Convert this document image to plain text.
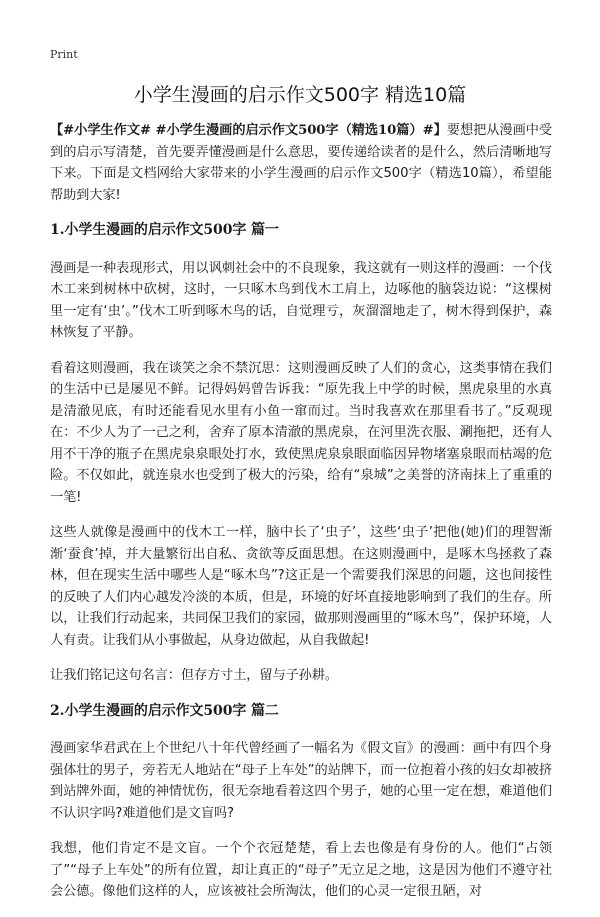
Print
小学生漫画的启示作文500字 精选10篇

【#小学生作文# #小学生漫画的启示作文500字（精选10篇）#】要想把从漫画中受到的启示写清楚，首先要弄懂漫画是什么意思，要传递给读者的是什么，然后清晰地写下来。下面是文档网给大家带来的小学生漫画的启示作文500字（精选10篇），希望能帮助到大家!

1.小学生漫画的启示作文500字 篇一

漫画是一种表现形式，用以讽刺社会中的不良现象，我这就有一则这样的漫画：一个伐木工来到树林中砍树，这时，一只啄木鸟到伐木工肩上，边啄他的脑袋边说：“这棵树里一定有‘虫’。”伐木工听到啄木鸟的话，自觉理亏，灰溜溜地走了，树木得到保护，森林恢复了平静。

看着这则漫画，我在谈笑之余不禁沉思：这则漫画反映了人们的贪心，这类事情在我们的生活中已是屡见不鲜。记得妈妈曾告诉我：“原先我上中学的时候，黑虎泉里的水真是清澈见底，有时还能看见水里有小鱼一窜而过。当时我喜欢在那里看书了。”反观现在：不少人为了一己之利，舍弃了原本清澈的黑虎泉，在河里洗衣服、涮拖把，还有人用不干净的瓶子在黑虎泉泉眼处打水，致使黑虎泉泉眼面临因异物堵塞泉眼而枯竭的危险。不仅如此，就连泉水也受到了极大的污染，给有“泉城”之美誉的济南抹上了重重的一笔!

这些人就像是漫画中的伐木工一样，脑中长了‘虫子’，这些‘虫子’把他(她)们的理智渐渐‘蚕食’掉，并大量繁衍出自私、贪欲等反面思想。在这则漫画中，是啄木鸟拯救了森林，但在现实生活中哪些人是“啄木鸟”?这正是一个需要我们深思的问题，这也间接性的反映了人们内心越发冷淡的本质，但是，环境的好坏直接地影响到了我们的生存。所以，让我们行动起来，共同保卫我们的家园，做那则漫画里的“啄木鸟”，保护环境，人人有责。让我们从小事做起，从身边做起，从自我做起!

让我们铭记这句名言：但存方寸土，留与子孙耕。

2.小学生漫画的启示作文500字 篇二

漫画家华君武在上个世纪八十年代曾经画了一幅名为《假文盲》的漫画：画中有四个身强体壮的男子，旁若无人地站在“母子上车处”的站牌下，而一位抱着小孩的妇女却被挤到站牌外面，她的神情忧伤，很无奈地看着这四个男子，她的心里一定在想，难道他们不认识字吗?难道他们是文盲吗?

我想，他们肯定不是文盲。一个个衣冠楚楚，看上去也像是有身份的人。他们“占领了”“母子上车处”的所有位置，却让真正的“母子”无立足之地，这是因为他们不遵守社会公德。像他们这样的人，应该被社会所淘汰，他们的心灵一定很丑陋，对
